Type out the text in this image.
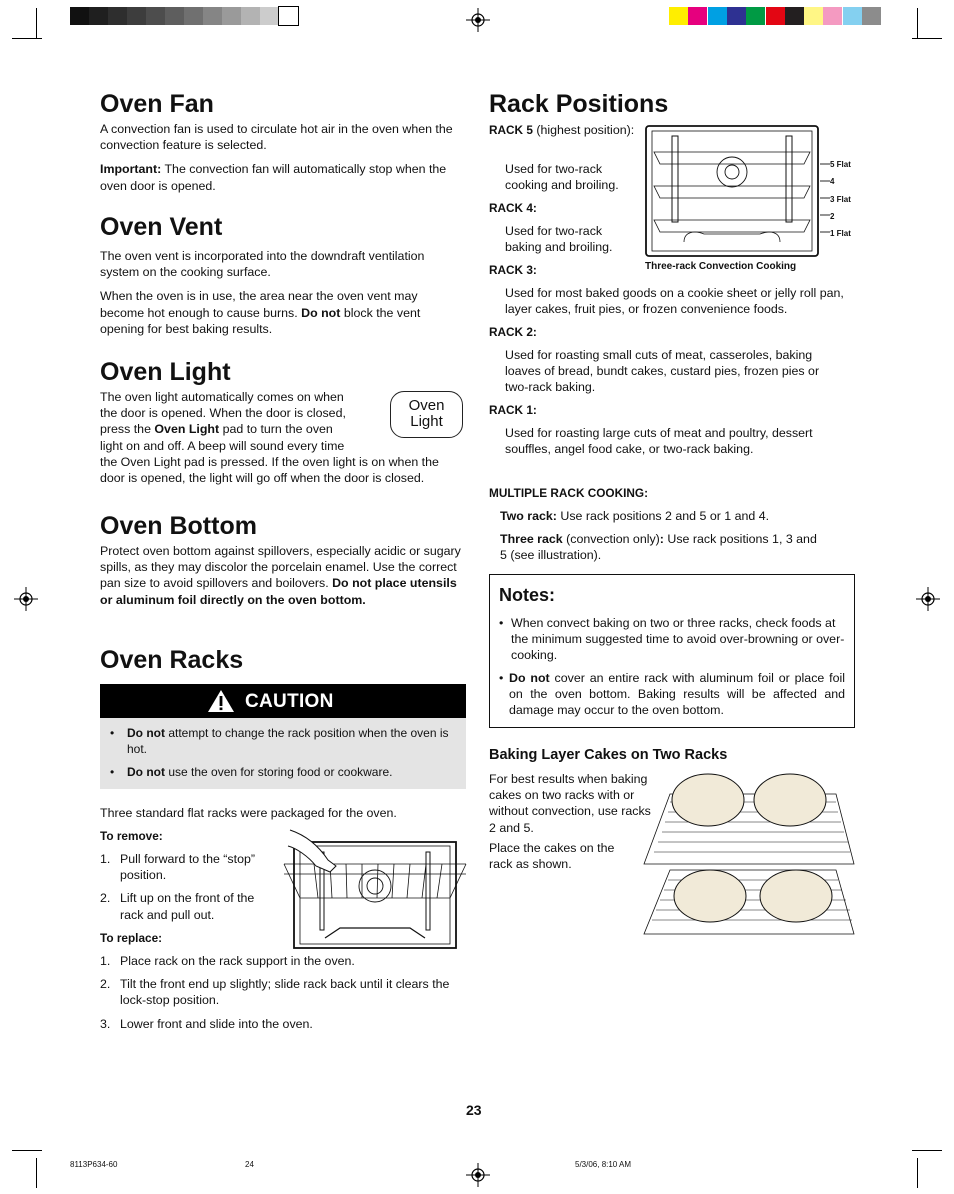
Oven Fan

A convection fan is used to circulate hot air in the oven when the convection feature is selected.

Important: The convection fan will automatically stop when the oven door is opened.

Oven Vent

The oven vent is incorporated into the downdraft ventilation system on the cooking surface.

When the oven is in use, the area near the oven vent may become hot enough to cause burns. Do not block the vent opening for best baking results.

Oven Light

The oven light automatically comes on when

the door is opened. When the door is closed,

press the Oven Light pad to turn the oven

light on and off. A beep will sound every time

the Oven Light pad is pressed. If the oven light is on when the door is opened, the light will go off when the door is closed.

Oven
Light
Oven Bottom

Protect oven bottom against spillovers, especially acidic or sugary spills, as they may discolor the porcelain enamel. Use the correct pan size to avoid spillovers and boilovers. Do not place utensils or aluminum foil directly on the oven bottom.

Oven Racks
CAUTION
• Do not attempt to change the rack position when the oven is hot.
• Do not use the oven for storing food or cookware.
Three standard flat racks were packaged for the oven.
To remove:
1. Pull forward to the “stop” position.
2. Lift up on the front of the rack and pull out.
To replace:
1. Place rack on the rack support in the oven.
2. Tilt the front end up slightly; slide rack back until it clears the lock-stop position.
3. Lower front and slide into the oven.
Rack Positions
RACK 5 (highest position):
Used for two-rack cooking and broiling.
RACK 4:
Used for two-rack baking and broiling.
RACK 3:
Used for most baked goods on a cookie sheet or jelly roll pan, layer cakes, fruit pies, or frozen convenience foods.
RACK 2:
Used for roasting small cuts of meat, casseroles, baking loaves of bread, bundt cakes, custard pies, frozen pies or two-rack baking.
RACK 1:
Used for roasting large cuts of meat and poultry, dessert souffles, angel food cake, or two-rack baking.
5 Flat
4
3 Flat
2
1 Flat
Three-rack Convection Cooking
MULTIPLE RACK COOKING:
Two rack: Use rack positions 2 and 5 or 1 and 4.
Three rack (convection only): Use rack positions 1, 3 and 5 (see illustration).
Notes:
• When convect baking on two or three racks, check foods at the minimum suggested time to avoid over-browning or over-cooking.
• Do not cover an entire rack with aluminum foil or place foil on the oven bottom. Baking results will be affected and damage may occur to the oven bottom.
Baking Layer Cakes on Two Racks
For best results when baking cakes on two racks with or without convection, use racks 2 and 5.
Place the cakes on the rack as shown.
23
8113P634-60	24	5/3/06, 8:10 AM
